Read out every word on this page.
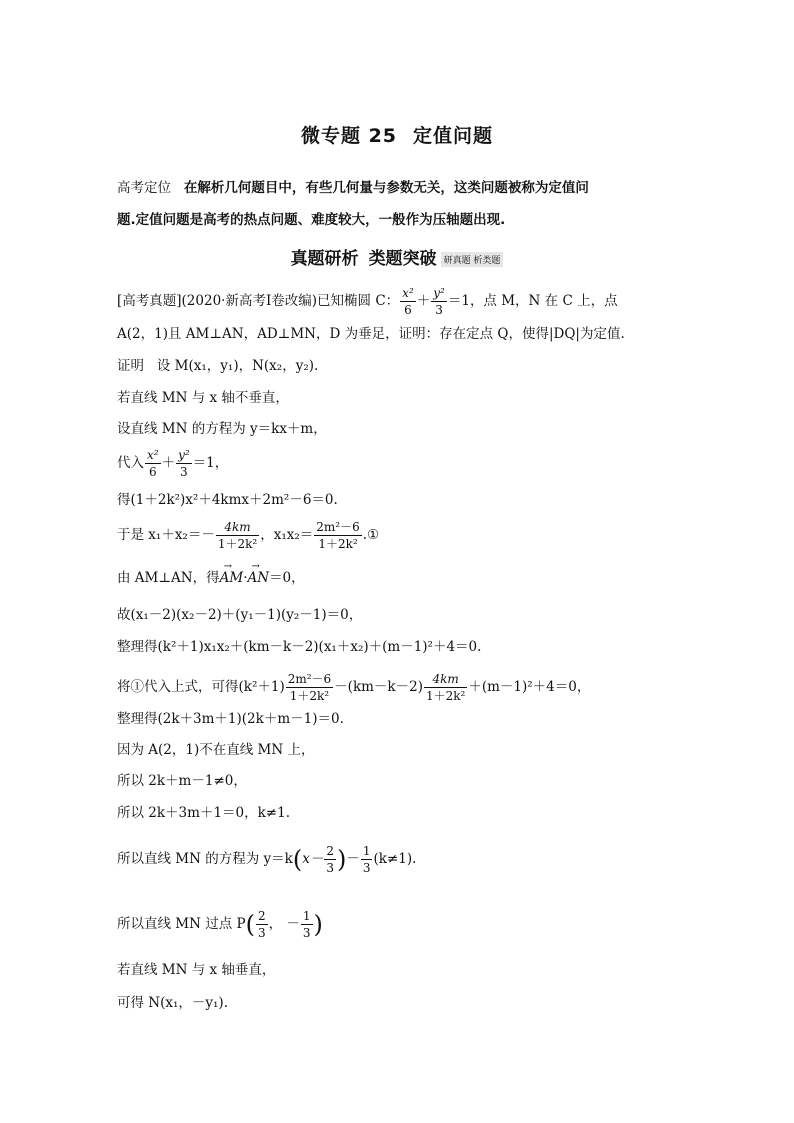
微专题 25 定值问题
高考定位 在解析几何题目中，有些几何量与参数无关，这类问题被称为定值问
题.定值问题是高考的热点问题、难度较大，一般作为压轴题出现.
真题研析 类题突破 研真题 析类题
[高考真题](2020·新高考Ⅰ卷改编)已知椭圆 C： $\frac{\text{x²}}{6} + \frac{\text{y²}}{3} =1$，点 M，N 在 C 上，点
A(2，1)且 AM⊥AN，AD⊥MN，D 为垂足，证明：存在定点 Q，使得|DQ|为定值.
证明 设 M(x₁，y₁)，N(x₂，y₂).
若直线 MN 与 x 轴不垂直，
设直线 MN 的方程为 y＝kx＋m，
代入 $\frac{\text{x²}}{6} + \frac{\text{y²}}{3} =1$，
得(1＋2k²)x²＋4kmx＋2m²－6＝0.
于是 $x_1+x_2=- \frac{4km}{\text{1＋2k²}}$ ，$x_1x_2= \frac{\text{2m²－6}}{\text{1＋2k²}}$ .①
由 AM⊥AN，得→ AM·→ AN＝0，
故(x₁－2)(x₂－2)＋(y₁－1)(y₂－1)＝0，
整理得(k²＋1)x₁x₂＋(km－k－2)(x₁＋x₂)＋(m－1)²＋4＝0.
将①代入上式，可得$(k^2+1) \frac{\text{2m²－6}}{\text{1＋2k²}} -(km-k-2) \frac{4km}{\text{1＋2k²}} +(m-1)^2+4=0$，
整理得(2k＋3m＋1)(2k＋m－1)＝0.
因为 A(2，1)不在直线 MN 上，
所以 2k＋m－1≠0，
所以 2k＋3m＋1＝0，k≠1.
所以直线 MN 的方程为 $y=k(x- \frac{2}{3}$ )－ $\frac{1}{3} (k\ne 1)$.
所以直线 MN 过点 $P( \frac{2}{3}$ ， － $\frac{1}{3}$ )
若直线 MN 与 x 轴垂直，
可得 N(x₁，－y₁).
